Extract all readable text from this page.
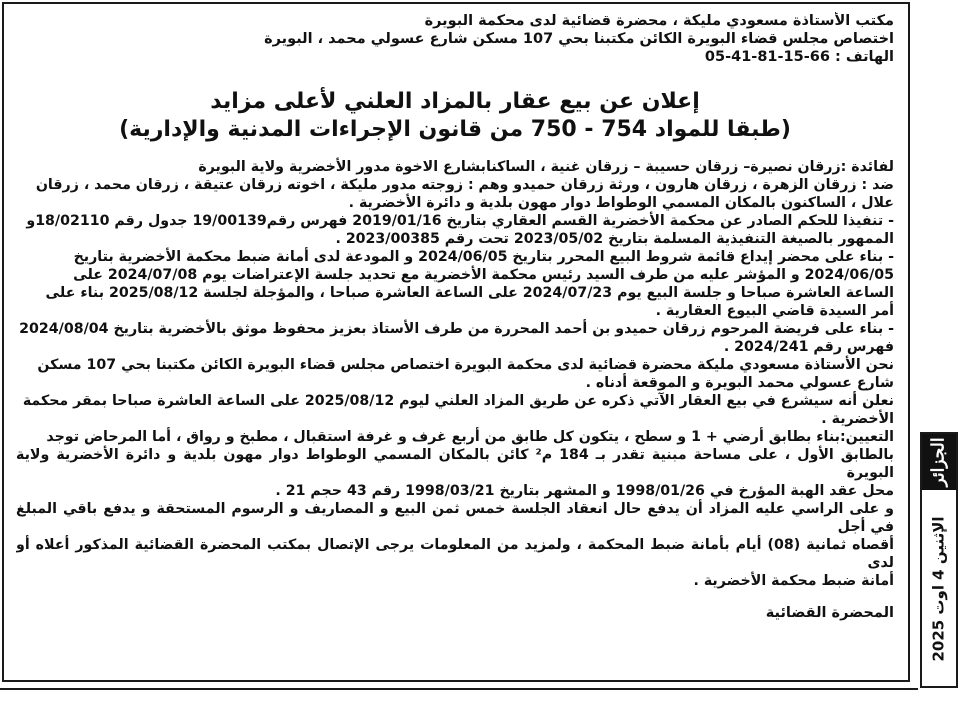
مكتب الأستاذة مسعودي مليكة ، محضرة قضائية لدى محكمة البويرة

اختصاص مجلس قضاء البويرة الكائن مكتبنا بحي 107 مسكن شارع عسولي محمد ، البويرة

الهاتف : 66-15-81-41-05

إعلان عن بيع عقار بالمزاد العلني لأعلى مزايد

(طبقا للمواد 754 - 750 من قانون الإجراءات المدنية والإدارية)

لفائدة :زرقان نصيرة– زرقان حسيبة – زرقان غنية ، الساكنابشارع الاخوة مدور الأخضرية ولاية البويرة

ضد : زرقان الزهرة ، زرقان هارون ، ورثة زرقان حميدو وهم : زوجته مدور مليكة ، اخوته زرقان عتيقة ، زرقان محمد ، زرقان

علال ، الساكنون بالمكان المسمي الوطواط دوار مهون بلدية و دائرة الأخضرية .

- تنفيذا للحكم الصادر عن محكمة الأخضرية القسم العقاري بتاريخ 2019/01/16 فهرس رقم19/00139 جدول رقم 18/02110و

الممهور بالصيغة التنفيذية المسلمة بتاريخ 2023/05/02 تحت رقم 2023/00385 .

- بناء على محضر إيداع قائمة شروط البيع المحرر بتاريخ 2024/06/05 و المودعة لدى أمانة ضبط محكمة الأخضرية بتاريخ

2024/06/05 و المؤشر عليه من طرف السيد رئيس محكمة الأخضرية مع تحديد جلسة الإعتراضات يوم 2024/07/08 على

الساعة العاشرة صباحا و جلسة البيع يوم 2024/07/23 على الساعة العاشرة صباحا ، والمؤجلة لجلسة 2025/08/12 بناء على

أمر السيدة قاضي البيوع العقارية .

- بناء على فريضة المرحوم زرقان حميدو بن أحمد المحررة من طرف الأستاذ بعزيز محفوظ موثق بالأخضرية بتاريخ 2024/08/04

فهرس رقم 2024/241 .

نحن الأستاذة مسعودي مليكة محضرة قضائية لدى محكمة البويرة اختصاص مجلس قضاء البويرة الكائن مكتبنا بحي 107 مسكن

شارع عسولي محمد البويرة و الموقعة أدناه .

نعلن أنه سيشرع في بيع العقار الآتي ذكره عن طريق المزاد العلني ليوم 2025/08/12 على الساعة العاشرة صباحا بمقر محكمة

الأخضرية .

التعيين:بناء بطابق أرضي + 1 و سطح ، يتكون كل طابق من أربع غرف و غرفة استقبال ، مطبخ و رواق ، أما المرحاض توجد

بالطابق الأول ، على مساحة مبنية تقدر بـ 184 م² كائن بالمكان المسمي الوطواط دوار مهون بلدية و دائرة الأخضرية ولاية البويرة

محل عقد الهبة المؤرخ في 1998/01/26 و المشهر بتاريخ 1998/03/21 رقم 43 حجم 21 .

و على الراسي عليه المزاد أن يدفع حال انعقاد الجلسة خمس ثمن البيع و المصاريف و الرسوم المستحقة و يدفع باقي المبلغ في أجل

أقصاه ثمانية (08) أيام بأمانة ضبط المحكمة ، ولمزيد من المعلومات يرجى الإتصال بمكتب المحضرة القضائية المذكور أعلاه أو لدى

أمانة ضبط محكمة الأخضرية .

المحضرة القضائية

الجزائر
الإثنين 4 اوت 2025
